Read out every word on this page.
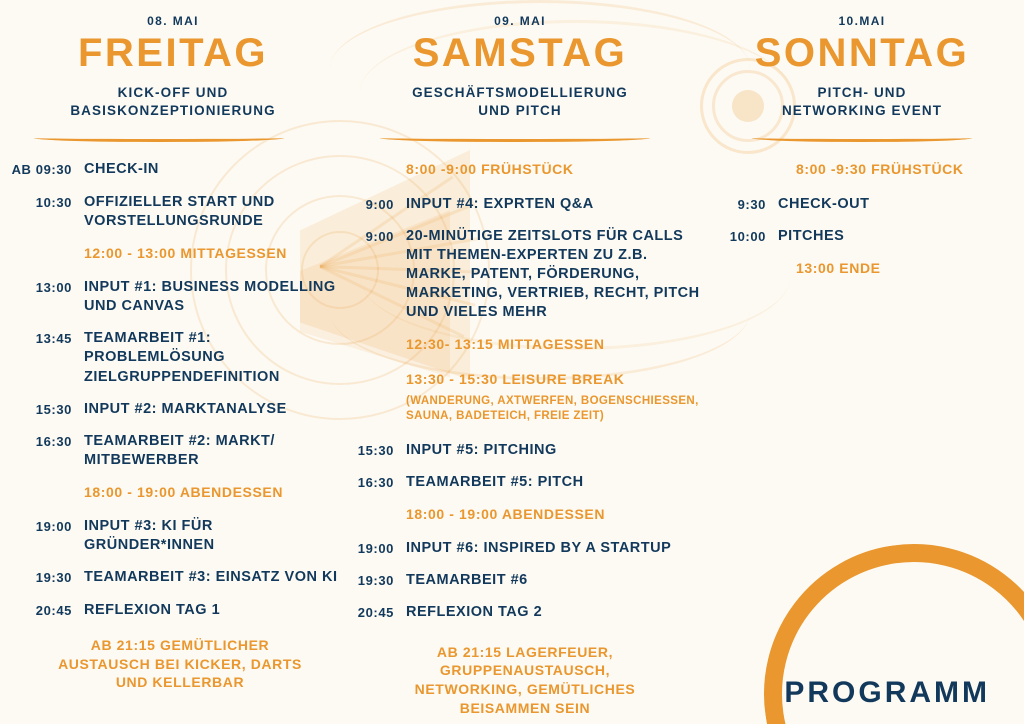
08. MAI
FREITAG
KICK-OFF UND
BASISKONZEPTIONIERUNG
AB 09:30 CHECK-IN
10:30 OFFIZIELLER START UND VORSTELLUNGSRUNDE
12:00 - 13:00 MITTAGESSEN
13:00 INPUT #1: BUSINESS MODELLING UND CANVAS
13:45 TEAMARBEIT #1: PROBLEMLÖSUNG ZIELGRUPPENDEFINITION
15:30 INPUT #2: MARKTANALYSE
16:30 TEAMARBEIT #2: MARKT/ MITBEWERBER
18:00 - 19:00 ABENDESSEN
19:00 INPUT #3: KI FÜR GRÜNDER*INNEN
19:30 TEAMARBEIT #3: EINSATZ VON KI
20:45 REFLEXION TAG 1
AB 21:15 GEMÜTLICHER AUSTAUSCH BEI KICKER, DARTS UND KELLERBAR
09. MAI
SAMSTAG
GESCHÄFTSMODELLIERUNG
UND PITCH
8:00 -9:00 FRÜHSTÜCK
9:00 INPUT #4: EXPRTEN Q&A
9:00 20-MINÜTIGE ZEITSLOTS FÜR CALLS MIT THEMEN-EXPERTEN ZU Z.B. MARKE, PATENT, FÖRDERUNG, MARKETING, VERTRIEB, RECHT, PITCH UND VIELES MEHR
12:30- 13:15 MITTAGESSEN
13:30 - 15:30 LEISURE BREAK
(WANDERUNG, AXTWERFEN, BOGENSCHIESSEN, SAUNA, BADETEICH, FREIE ZEIT)
15:30 INPUT #5: PITCHING
16:30 TEAMARBEIT #5: PITCH
18:00 - 19:00 ABENDESSEN
19:00 INPUT #6: INSPIRED BY A STARTUP
19:30 TEAMARBEIT #6
20:45 REFLEXION TAG 2
AB 21:15 LAGERFEUER, GRUPPENAUSTAUSCH, NETWORKING, GEMÜTLICHES BEISAMMEN SEIN
10.MAI
SONNTAG
PITCH- UND
NETWORKING EVENT
8:00 -9:30 FRÜHSTÜCK
9:30 CHECK-OUT
10:00 PITCHES
13:00 ENDE
PROGRAMM
